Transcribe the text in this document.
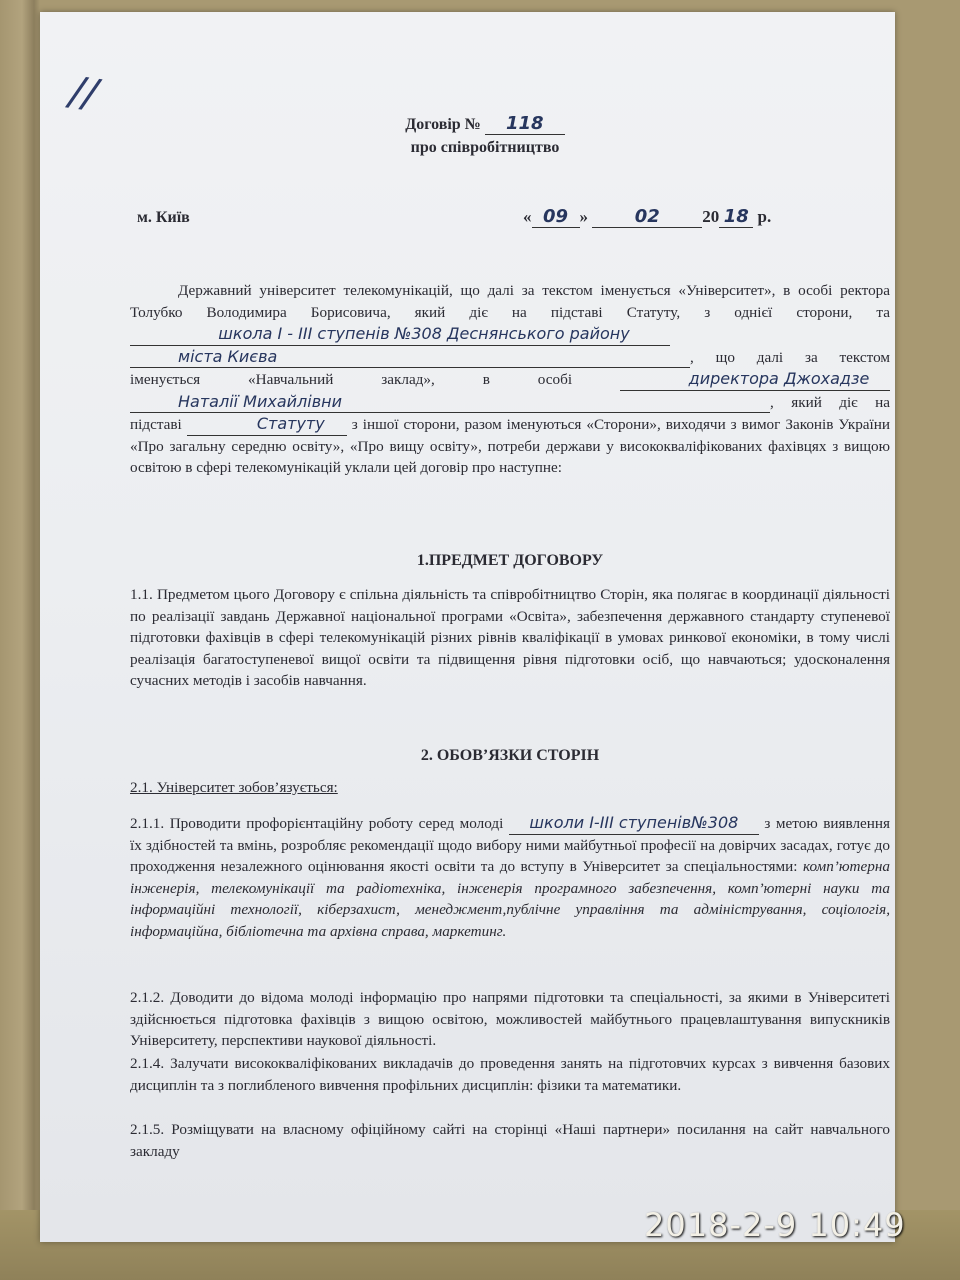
//
Договір № 118
про співробітництво
м. Київ	« 09 »	02 20 18 р.
Державний університет телекомунікацій, що далі за текстом іменується «Університет», в особі ректора Толубко Володимира Борисовича, який діє на підставі Статуту, з однієї сторони, та школа І - ІІІ ступенів №308 Деснянського району міста Києва	, що далі за текстом іменується «Навчальний заклад», в особі	директора Джохадзе Наталії Михайлівни	, який діє на підставі	Статуту з іншої сторони, разом іменуються «Сторони», виходячи з вимог Законів України «Про загальну середню освіту», «Про вищу освіту», потреби держави у висококваліфікованих фахівцях з вищою освітою в сфері телекомунікацій уклали цей договір про наступне:
1.ПРЕДМЕТ ДОГОВОРУ
1.1. Предметом цього Договору є спільна діяльність та співробітництво Сторін, яка полягає в координації діяльності по реалізації завдань Державної національної програми «Освіта», забезпечення державного стандарту ступеневої підготовки фахівців в сфері телекомунікацій різних рівнів кваліфікації в умовах ринкової економіки, в тому числі реалізація багатоступеневої вищої освіти та підвищення рівня підготовки осіб, що навчаються; удосконалення сучасних методів і засобів навчання.
2. ОБОВ’ЯЗКИ СТОРІН
2.1. Університет зобов’язується:
2.1.1. Проводити профорієнтаційну роботу серед молоді школи І-ІІІ ступенів№308 з метою виявлення їх здібностей та вмінь, розробляє рекомендації щодо вибору ними майбутньої професії на довірчих засадах, готує до проходження незалежного оцінювання якості освіти та до вступу в Університет за спеціальностями: комп’ютерна інженерія, телекомунікації та радіотехніка, інженерія програмного забезпечення, комп’ютерні науки та інформаційні технології, кіберзахист, менеджмент,публічне управління та адміністрування, соціологія, інформаційна, бібліотечна та архівна справа, маркетинг.
2.1.2. Доводити до відома молоді інформацію про напрями підготовки та спеціальності, за якими в Університеті здійснюється підготовка фахівців з вищою освітою, можливостей майбутнього працевлаштування випускників Університету, перспективи наукової діяльності.
2.1.4. Залучати висококваліфікованих викладачів до проведення занять на підготовчих курсах з вивчення базових дисциплін та з поглибленого вивчення профільних дисциплін: фізики та математики.
2.1.5. Розміщувати на власному офіційному сайті на сторінці «Наші партнери» посилання на сайт навчального закладу
2018-2-9 10:49
